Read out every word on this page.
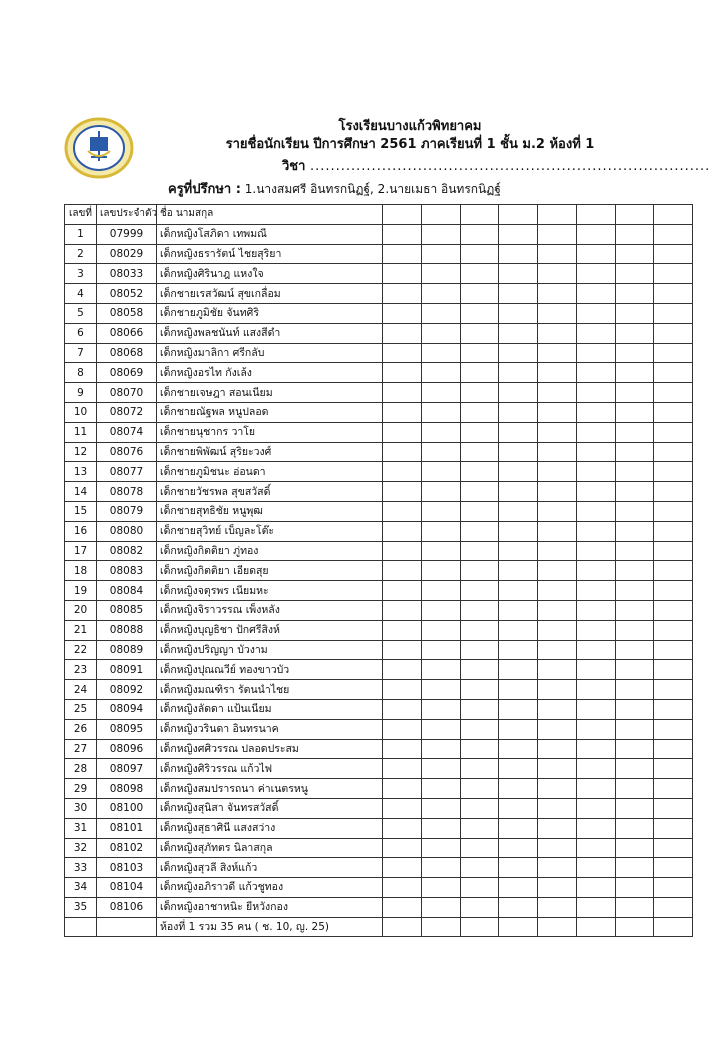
โรงเรียนบางแก้วพิทยาคม
รายชื่อนักเรียน ปีการศึกษา 2561 ภาคเรียนที่ 1 ชั้น ม.2 ห้องที่ 1
วิชา ..............................................................................
ครูที่ปรึกษา : 1.นางสมศรี อินทรกนิฏฐ์, 2.นายเมธา อินทรกนิฏฐ์
เลขที่	เลขประจำตัว	ชื่อ นามสกุล								
1	07999	เด็กหญิงโสภิดา เทพมณี								
2	08029	เด็กหญิงธรารัตน์ ไชยสุริยา								
3	08033	เด็กหญิงศิรินาฎ แหงใจ								
4	08052	เด็กชายเรสวัฒน์ สุขเกลื่อม								
5	08058	เด็กชายภูมิชัย จันทศิริ								
6	08066	เด็กหญิงพลชนันท์ แสงสีดำ								
7	08068	เด็กหญิงมาลิกา ศรีกลับ								
8	08069	เด็กหญิงอรไท กังเล้ง								
9	08070	เด็กชายเจษฎา สอนเนียม								
10	08072	เด็กชายณัฐพล หนูปลอด								
11	08074	เด็กชายนุชากร วาโย								
12	08076	เด็กชายพิพัฒน์ สุริยะวงศ์								
13	08077	เด็กชายภูมิชนะ อ่อนดา								
14	08078	เด็กชายวัชรพล สุขสวัสดิ์								
15	08079	เด็กชายสุทธิชัย หนูพุฒ								
16	08080	เด็กชายสุวิทย์ เบ็ญละโต๊ะ								
17	08082	เด็กหญิงกิตติยา ภู่ทอง								
18	08083	เด็กหญิงกิตติยา เอียดสุย								
19	08084	เด็กหญิงจตุรพร เนียมหะ								
20	08085	เด็กหญิงจิราวรรณ เพ็งหลัง								
21	08088	เด็กหญิงบุญธิชา ปักศรีสิงห์								
22	08089	เด็กหญิงปริญญา บัวงาม								
23	08091	เด็กหญิงปุณณวีย์ ทองขาวบัว								
24	08092	เด็กหญิงมณฑิรา รัตนนำไชย								
25	08094	เด็กหญิงลัดดา แป้นเนียม								
26	08095	เด็กหญิงวรินดา อินทรนาค								
27	08096	เด็กหญิงศศิวรรณ ปลอดประสม								
28	08097	เด็กหญิงศิริวรรณ แก้วไฟ								
29	08098	เด็กหญิงสมปรารถนา ค่าเนตรหนู								
30	08100	เด็กหญิงสุนิสา จันทรสวัสดิ์								
31	08101	เด็กหญิงสุธาศินี แสงสว่าง								
32	08102	เด็กหญิงสุภัทตร นิลาสกุล								
33	08103	เด็กหญิงสุวลี สิงห์แก้ว								
34	08104	เด็กหญิงอภิราวดี แก้วชูทอง								
35	08106	เด็กหญิงอาชาหนิะ ยีหวังกอง								
		ห้องที่ 1 รวม 35 คน ( ช. 10, ญ. 25)								
